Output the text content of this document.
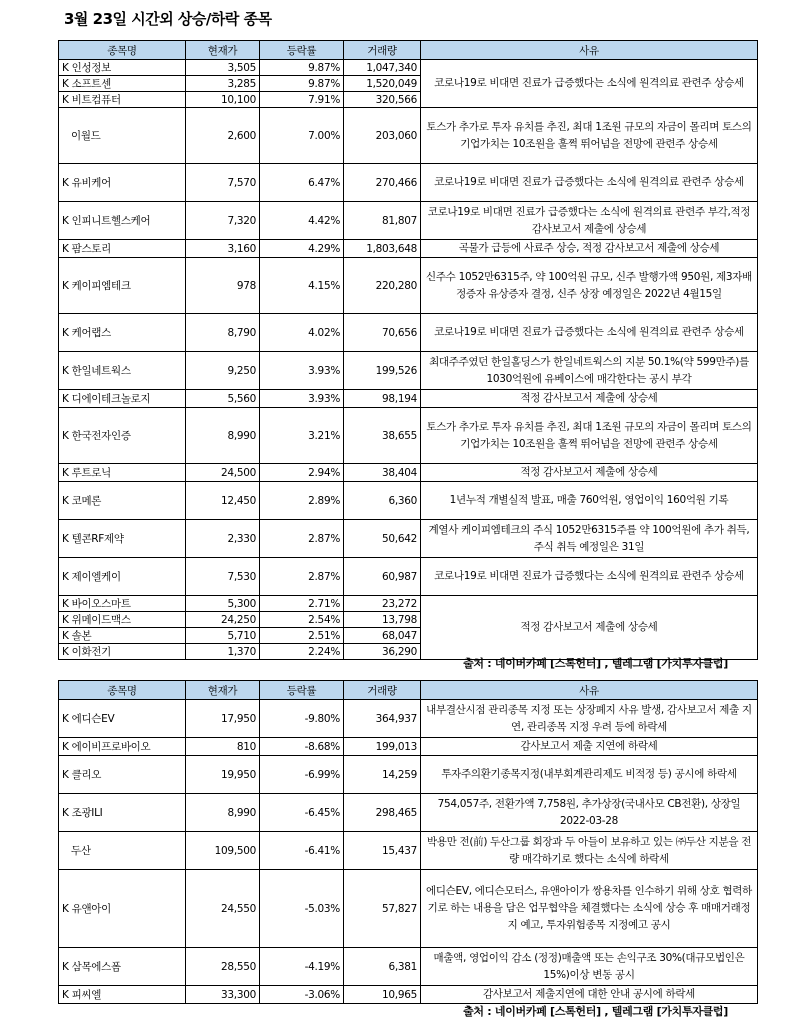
3월 23일 시간외 상승/하락 종목
종목명	현재가	등락률	거래량	사유
K 인성정보	3,505	9.87%	1,047,340	코로나19로 비대면 진료가 급증했다는 소식에 원격의료 관련주 상승세
K 소프트센	3,285	9.87%	1,520,049	
K 비트컴퓨터	10,100	7.91%	320,566	
이월드	2,600	7.00%	203,060	토스가 추가로 투자 유치를 추진, 최대 1조원 규모의 자금이 몰리며 토스의 기업가치는 10조원을 훌쩍 뛰어넘을 전망에 관련주 상승세
K 유비케어	7,570	6.47%	270,466	코로나19로 비대면 진료가 급증했다는 소식에 원격의료 관련주 상승세
K 인피니트헬스케어	7,320	4.42%	81,807	코로나19로 비대면 진료가 급증했다는 소식에 원격의료 관련주 부각,적정 감사보고서 제출에 상승세
K 팜스토리	3,160	4.29%	1,803,648	곡물가 급등에 사료주 상승, 적정 감사보고서 제출에 상승세
K 케이피엠테크	978	4.15%	220,280	신주수 1052만6315주, 약 100억원 규모, 신주 발행가액 950원, 제3자배정증자 유상증자 결정, 신주 상장 예정일은 2022년 4월15일
K 케어랩스	8,790	4.02%	70,656	코로나19로 비대면 진료가 급증했다는 소식에 원격의료 관련주 상승세
K 한일네트웍스	9,250	3.93%	199,526	최대주주였던 한일홀딩스가 한일네트웍스의 지분 50.1%(약 599만주)를 1030억원에 유베이스에 매각한다는 공시 부각
K 디에이테크놀로지	5,560	3.93%	98,194	적정 감사보고서 제출에 상승세
K 한국전자인증	8,990	3.21%	38,655	토스가 추가로 투자 유치를 추진, 최대 1조원 규모의 자금이 몰리며 토스의 기업가치는 10조원을 훌쩍 뛰어넘을 전망에 관련주 상승세
K 루트로닉	24,500	2.94%	38,404	적정 감사보고서 제출에 상승세
K 코메론	12,450	2.89%	6,360	1년누적 개별실적 발표, 매출 760억원, 영업이익 160억원 기록
K 텔콘RF제약	2,330	2.87%	50,642	계열사 케이피엠테크의 주식 1052만6315주를 약 100억원에 추가 취득, 주식 취득 예정일은 31일
K 제이엘케이	7,530	2.87%	60,987	코로나19로 비대면 진료가 급증했다는 소식에 원격의료 관련주 상승세
K 바이오스마트	5,300	2.71%	23,272	적정 감사보고서 제출에 상승세
K 위메이드맥스	24,250	2.54%	13,798	
K 솔본	5,710	2.51%	68,047	
K 이화전기	1,370	2.24%	36,290	
출처 : 네이버카페 [스톡헌터] , 텔레그램 [가치투자클럽]
종목명	현재가	등락률	거래량	사유
K 에디슨EV	17,950	-9.80%	364,937	내부결산시점 관리종목 지정 또는 상장폐지 사유 발생, 감사보고서 제출 지연, 관리종목 지정 우려 등에 하락세
K 에이비프로바이오	810	-8.68%	199,013	감사보고서 제출 지연에 하락세
K 클리오	19,950	-6.99%	14,259	투자주의환기종목지정(내부회계관리제도 비적정 등) 공시에 하락세
K 조광ILI	8,990	-6.45%	298,465	754,057주, 전환가액 7,758원, 추가상장(국내사모 CB전환), 상장일 2022-03-28
두산	109,500	-6.41%	15,437	박용만 전(前) 두산그룹 회장과 두 아들이 보유하고 있는 ㈜두산 지분을 전량 매각하기로 했다는 소식에 하락세
K 유앤아이	24,550	-5.03%	57,827	에디슨EV, 에디슨모터스, 유앤아이가 쌍용차를 인수하기 위해 상호 협력하기로 하는 내용을 담은 업무협약을 체결했다는 소식에 상승 후 매매거래정지 예고, 투자위험종목 지정예고 공시
K 삼목에스폼	28,550	-4.19%	6,381	매출액, 영업이익 감소 (정정)매출액 또는 손익구조 30%(대규모법인은 15%)이상 변동 공시
K 피씨엘	33,300	-3.06%	10,965	감사보고서 제출지연에 대한 안내 공시에 하락세
출처 : 네이버카페 [스톡헌터] , 텔레그램 [가치투자클럽]
